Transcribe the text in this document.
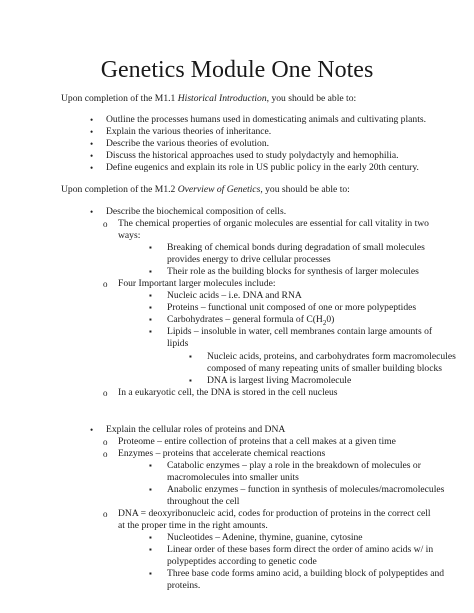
Genetics Module One Notes
Upon completion of the M1.1 Historical Introduction, you should be able to:
• Outline the processes humans used in domesticating animals and cultivating plants.
• Explain the various theories of inheritance.
• Describe the various theories of evolution.
• Discuss the historical approaches used to study polydactyly and hemophilia.
• Define eugenics and explain its role in US public policy in the early 20th century.
Upon completion of the M1.2 Overview of Genetics, you should be able to:
• Describe the biochemical composition of cells.
o The chemical properties of organic molecules are essential for call vitality in two
ways:
▪ Breaking of chemical bonds during degradation of small molecules
provides energy to drive cellular processes
▪ Their role as the building blocks for synthesis of larger molecules
o Four Important larger molecules include:
▪ Nucleic acids – i.e. DNA and RNA
▪ Proteins – functional unit composed of one or more polypeptides
▪ Carbohydrates – general formula of $C(H_20)$
▪ Lipids – insoluble in water, cell membranes contain large amounts of
lipids
▪ Nucleic acids, proteins, and carbohydrates form macromolecules
composed of many repeating units of smaller building blocks
▪ DNA is largest living Macromolecule
o In a eukaryotic cell, the DNA is stored in the cell nucleus
• Explain the cellular roles of proteins and DNA
o Proteome – entire collection of proteins that a cell makes at a given time
o Enzymes – proteins that accelerate chemical reactions
▪ Catabolic enzymes – play a role in the breakdown of molecules or
macromolecules into smaller units
▪ Anabolic enzymes – function in synthesis of molecules/macromolecules
throughout the cell
o DNA = deoxyribonucleic acid, codes for production of proteins in the correct cell
at the proper time in the right amounts.
▪ Nucleotides – Adenine, thymine, guanine, cytosine
▪ Linear order of these bases form direct the order of amino acids w/ in
polypeptides according to genetic code
▪ Three base code forms amino acid, a building block of polypeptides and
proteins.
